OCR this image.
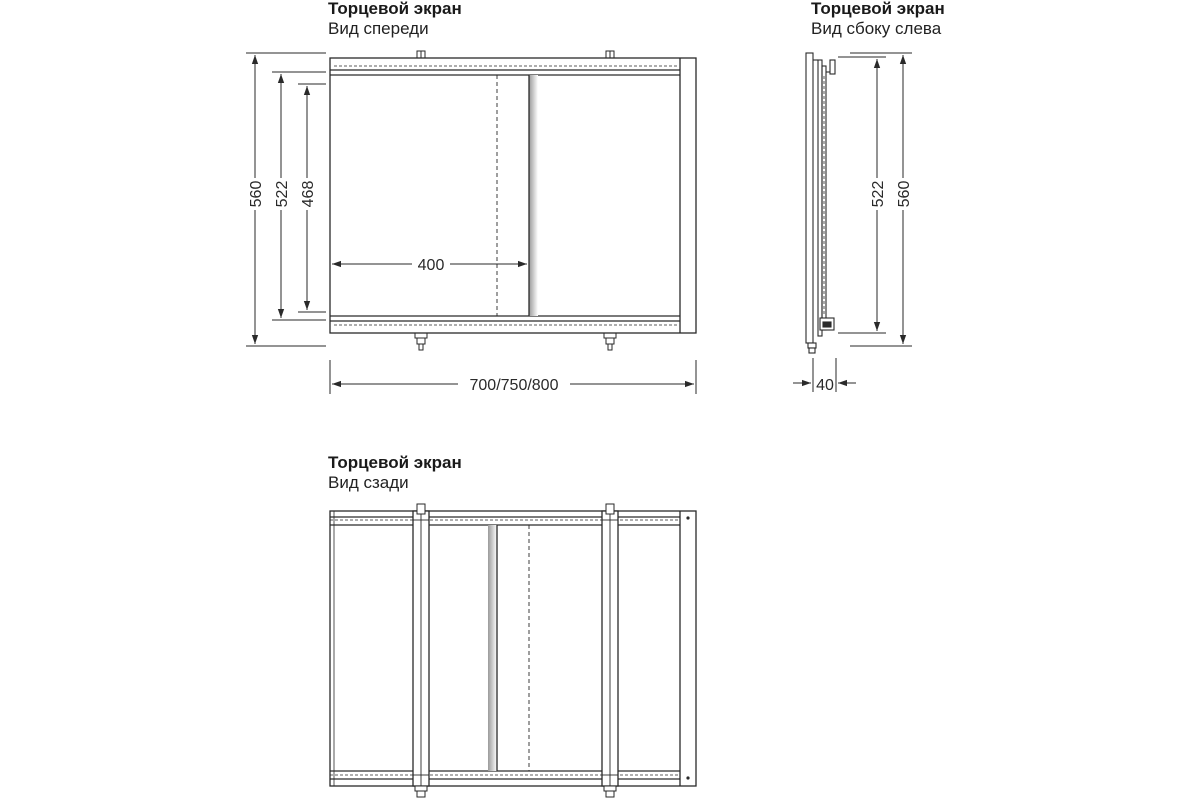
Торцевой экран
Вид спереди
Торцевой экран
Вид сбоку слева
Торцевой экран
Вид сзади
560 522 468
400
700/750/800
522 560
40
